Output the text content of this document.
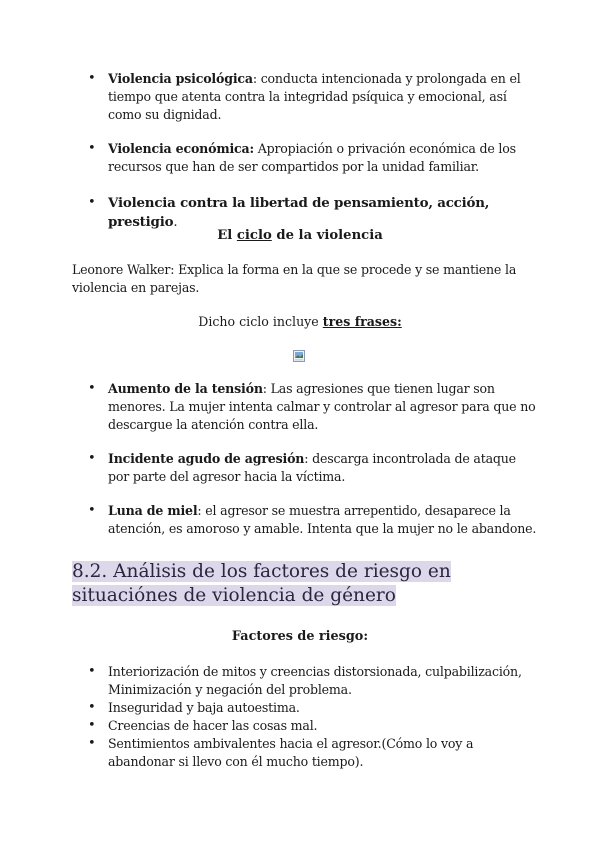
• Violencia psicológica: conducta intencionada y prolongada en el tiempo que atenta contra la integridad psíquica y emocional, así como su dignidad.
• Violencia económica: Apropiación o privación económica de los recursos que han de ser compartidos por la unidad familiar.
• Violencia contra la libertad de pensamiento, acción, prestigio.
El ciclo de la violencia
Leonore Walker: Explica la forma en la que se procede y se mantiene la violencia en parejas.
Dicho ciclo incluye tres frases:
• Aumento de la tensión: Las agresiones que tienen lugar son menores. La mujer intenta calmar y controlar al agresor para que no descargue la atención contra ella.
• Incidente agudo de agresión: descarga incontrolada de ataque por parte del agresor hacia la víctima.
• Luna de miel: el agresor se muestra arrepentido, desaparece la atención, es amoroso y amable. Intenta que la mujer no le abandone.
8.2. Análisis de los factores de riesgo en situaciónes de violencia de género
Factores de riesgo:
• Interiorización de mitos y creencias distorsionada, culpabilización, Minimización y negación del problema.
• Inseguridad y baja autoestima.
• Creencias de hacer las cosas mal.
• Sentimientos ambivalentes hacia el agresor.(Cómo lo voy a abandonar si llevo con él mucho tiempo).
